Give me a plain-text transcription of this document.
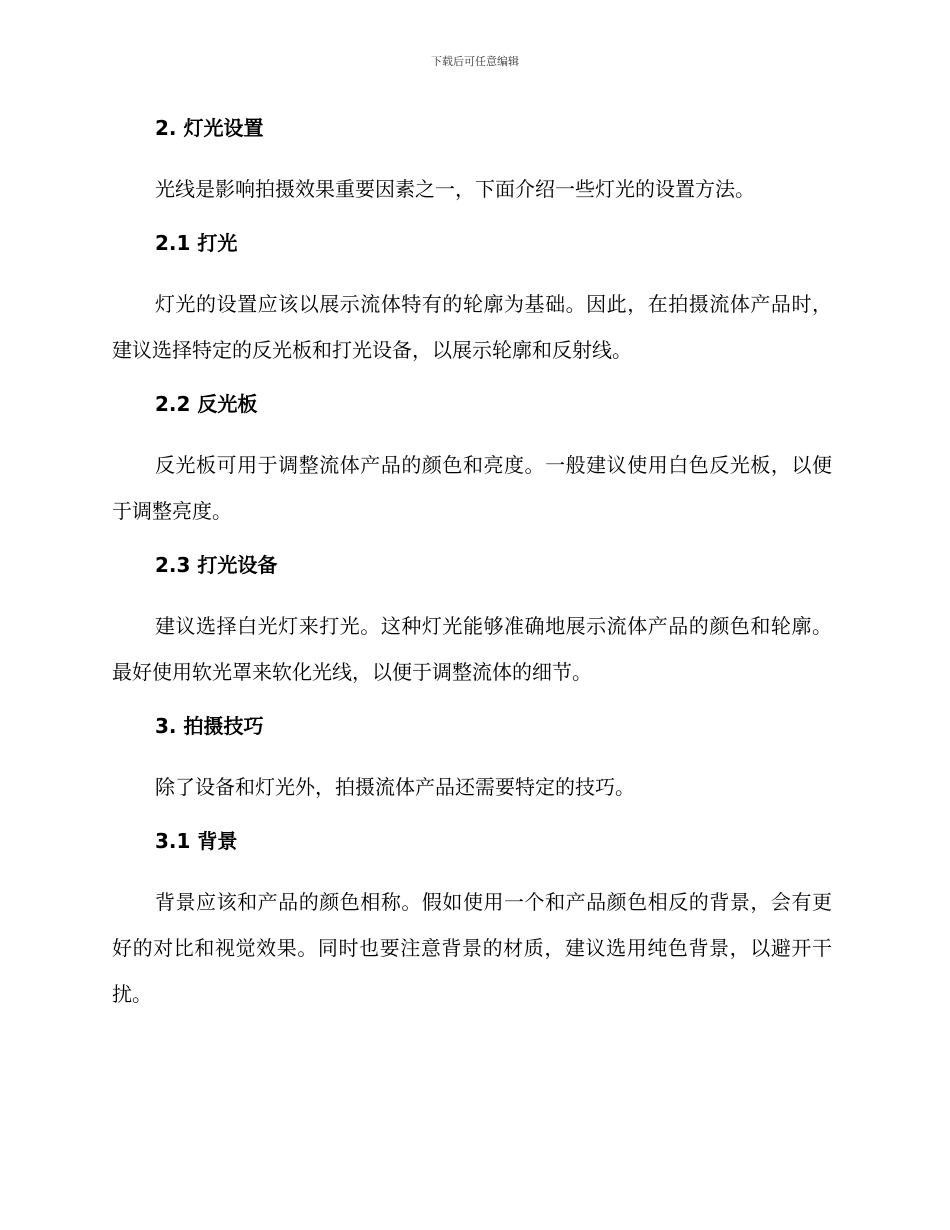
下载后可任意编辑
2. 灯光设置

光线是影响拍摄效果重要因素之一，下面介绍一些灯光的设置方法。

2.1 打光

灯光的设置应该以展示流体特有的轮廓为基础。因此，在拍摄流体产品时，建议选择特定的反光板和打光设备，以展示轮廓和反射线。

2.2 反光板

反光板可用于调整流体产品的颜色和亮度。一般建议使用白色反光板，以便于调整亮度。

2.3 打光设备

建议选择白光灯来打光。这种灯光能够准确地展示流体产品的颜色和轮廓。最好使用软光罩来软化光线，以便于调整流体的细节。

3. 拍摄技巧

除了设备和灯光外，拍摄流体产品还需要特定的技巧。

3.1 背景

背景应该和产品的颜色相称。假如使用一个和产品颜色相反的背景，会有更好的对比和视觉效果。同时也要注意背景的材质，建议选用纯色背景，以避开干扰。
